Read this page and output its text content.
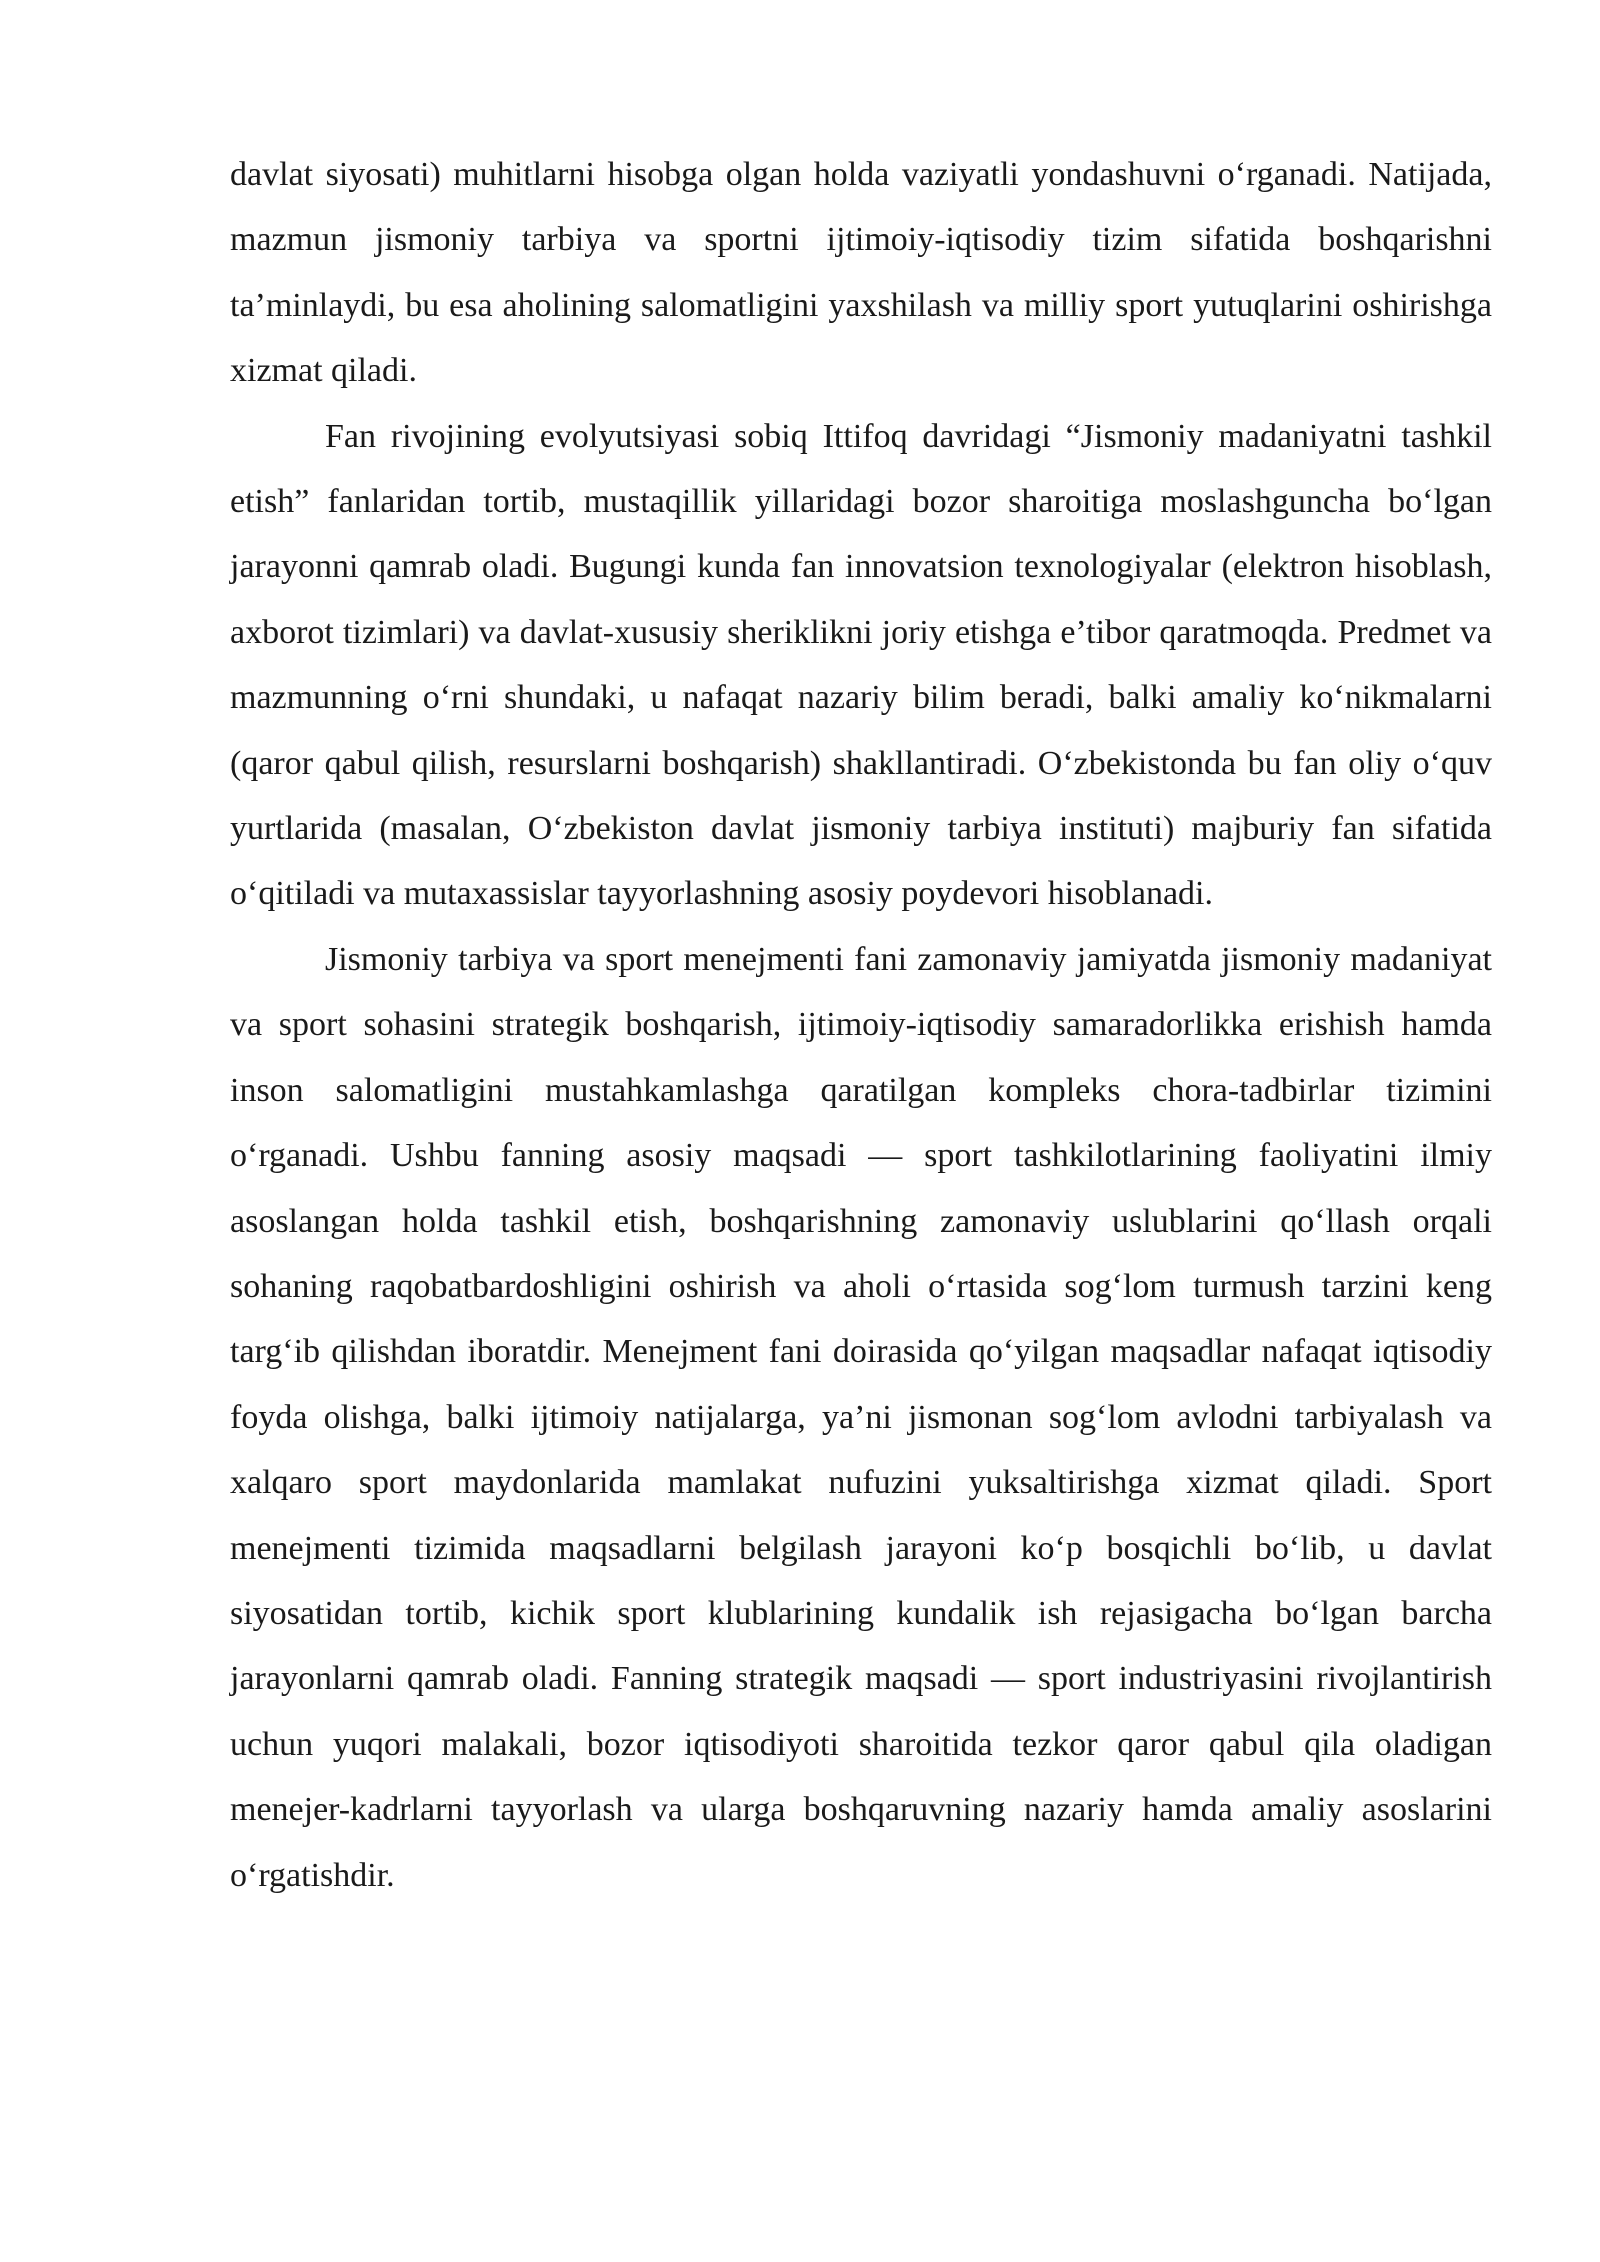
davlat siyosati) muhitlarni hisobga olgan holda vaziyatli yondashuvni o‘rganadi. Natijada, mazmun jismoniy tarbiya va sportni ijtimoiy-iqtisodiy tizim sifatida boshqarishni ta’minlaydi, bu esa aholining salomatligini yaxshilash va milliy sport yutuqlarini oshirishga xizmat qiladi.

Fan rivojining evolyutsiyasi sobiq Ittifoq davridagi “Jismoniy madaniyatni tashkil etish” fanlaridan tortib, mustaqillik yillaridagi bozor sharoitiga moslashguncha bo‘lgan jarayonni qamrab oladi. Bugungi kunda fan innovatsion texnologiyalar (elektron hisoblash, axborot tizimlari) va davlat-xususiy sheriklikni joriy etishga e’tibor qaratmoqda. Predmet va mazmunning o‘rni shundaki, u nafaqat nazariy bilim beradi, balki amaliy ko‘nikmalarni (qaror qabul qilish, resurslarni boshqarish) shakllantiradi. O‘zbekistonda bu fan oliy o‘quv yurtlarida (masalan, O‘zbekiston davlat jismoniy tarbiya instituti) majburiy fan sifatida o‘qitiladi va mutaxassislar tayyorlashning asosiy poydevori hisoblanadi.

Jismoniy tarbiya va sport menejmenti fani zamonaviy jamiyatda jismoniy madaniyat va sport sohasini strategik boshqarish, ijtimoiy-iqtisodiy samaradorlikka erishish hamda inson salomatligini mustahkamlashga qaratilgan kompleks chora-tadbirlar tizimini o‘rganadi. Ushbu fanning asosiy maqsadi — sport tashkilotlarining faoliyatini ilmiy asoslangan holda tashkil etish, boshqarishning zamonaviy uslublarini qo‘llash orqali sohaning raqobatbardoshligini oshirish va aholi o‘rtasida sog‘lom turmush tarzini keng targ‘ib qilishdan iboratdir. Menejment fani doirasida qo‘yilgan maqsadlar nafaqat iqtisodiy foyda olishga, balki ijtimoiy natijalarga, ya’ni jismonan sog‘lom avlodni tarbiyalash va xalqaro sport maydonlarida mamlakat nufuzini yuksaltirishga xizmat qiladi. Sport menejmenti tizimida maqsadlarni belgilash jarayoni ko‘p bosqichli bo‘lib, u davlat siyosatidan tortib, kichik sport klublarining kundalik ish rejasigacha bo‘lgan barcha jarayonlarni qamrab oladi. Fanning strategik maqsadi — sport industriyasini rivojlantirish uchun yuqori malakali, bozor iqtisodiyoti sharoitida tezkor qaror qabul qila oladigan menejer-kadrlarni tayyorlash va ularga boshqaruvning nazariy hamda amaliy asoslarini o‘rgatishdir.
